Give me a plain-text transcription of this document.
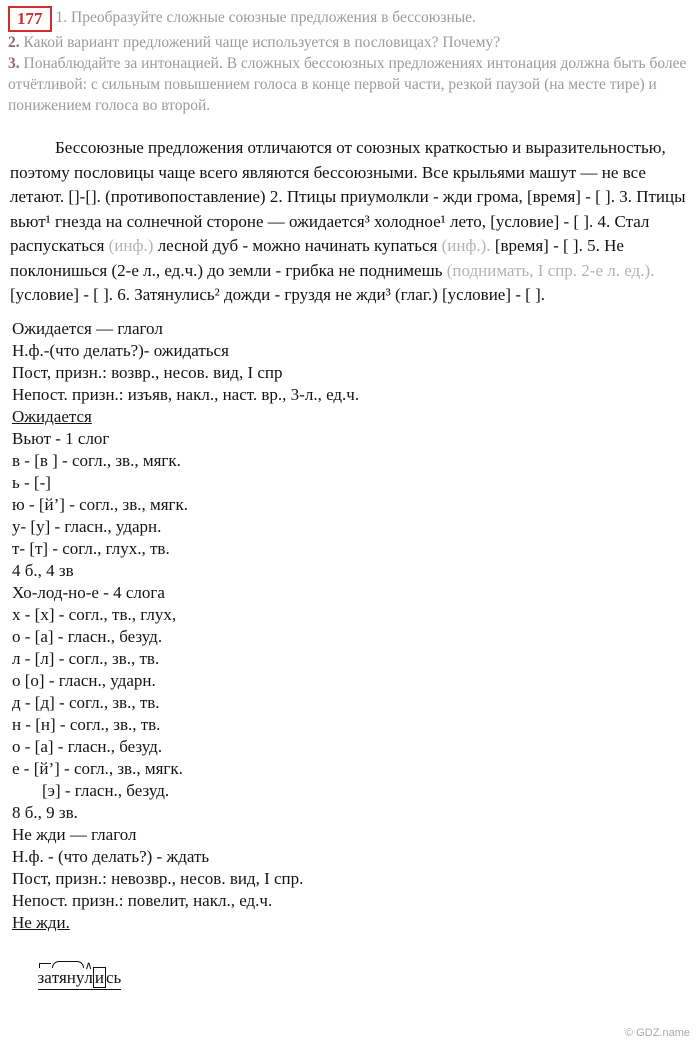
177 1. Преобразуйте сложные союзные предложения в бессоюзные.
2. Какой вариант предложений чаще используется в пословицах? Почему?
3. Понаблюдайте за интонацией. В сложных бессоюзных предложениях интонация должна быть более отчётливой: с сильным повышением голоса в конце первой части, резкой паузой (на месте тире) и понижением голоса во второй.

Бессоюзные предложения отличаются от союзных краткостью и выразительностью, поэтому пословицы чаще всего являются бессоюзными. Все крыльями машут — не все летают. []-[]. (противопоставление) 2. Птицы приумолкли - жди грома, [время] - [ ]. 3. Птицы вьют¹ гнезда на солнечной стороне — ожидается³ холодное¹ лето, [условие] - [ ]. 4. Стал распускаться (инф.) лесной дуб - можно начинать купаться (инф.). [время] - [ ]. 5. Не поклонишься (2-е л., ед.ч.) до земли - грибка не поднимешь (поднимать, I спр. 2-е л. ед.). [условие] - [ ]. 6. Затянулись² дожди - груздя не жди³ (глаг.) [условие] - [ ].

Ожидается — глагол
Н.ф.-(что делать?)- ожидаться
Пост, призн.: возвр., несов. вид, I спр
Непост. призн.: изъяв, накл., наст. вр., 3-л., ед.ч.
Ожидается
Вьют - 1 слог
в - [в ] - согл., зв., мягк.
ь - [-]
ю - [й’] - согл., зв., мягк.
у- [у] - гласн., ударн.
т- [т] - согл., глух., тв.
4 б., 4 зв
Хо-лод-но-е - 4 слога
х - [х] - согл., тв., глух,
о - [а] - гласн., безуд.
л - [л] - согл., зв., тв.
о [о] - гласн., ударн.
д - [д] - согл., зв., тв.
н - [н] - согл., зв., тв.
о - [а] - гласн., безуд.
е - [й’] - согл., зв., мягк.
[э] - гласн., безуд.
8 б., 9 зв.
Не жди — глагол
Н.ф. - (что делать?) - ждать
Пост, призн.: невозвр., несов. вид, I спр.
Непост. призн.: повелит, накл., ед.ч.
Не жди.

затяну∧ л и сь

© GDZ.name
